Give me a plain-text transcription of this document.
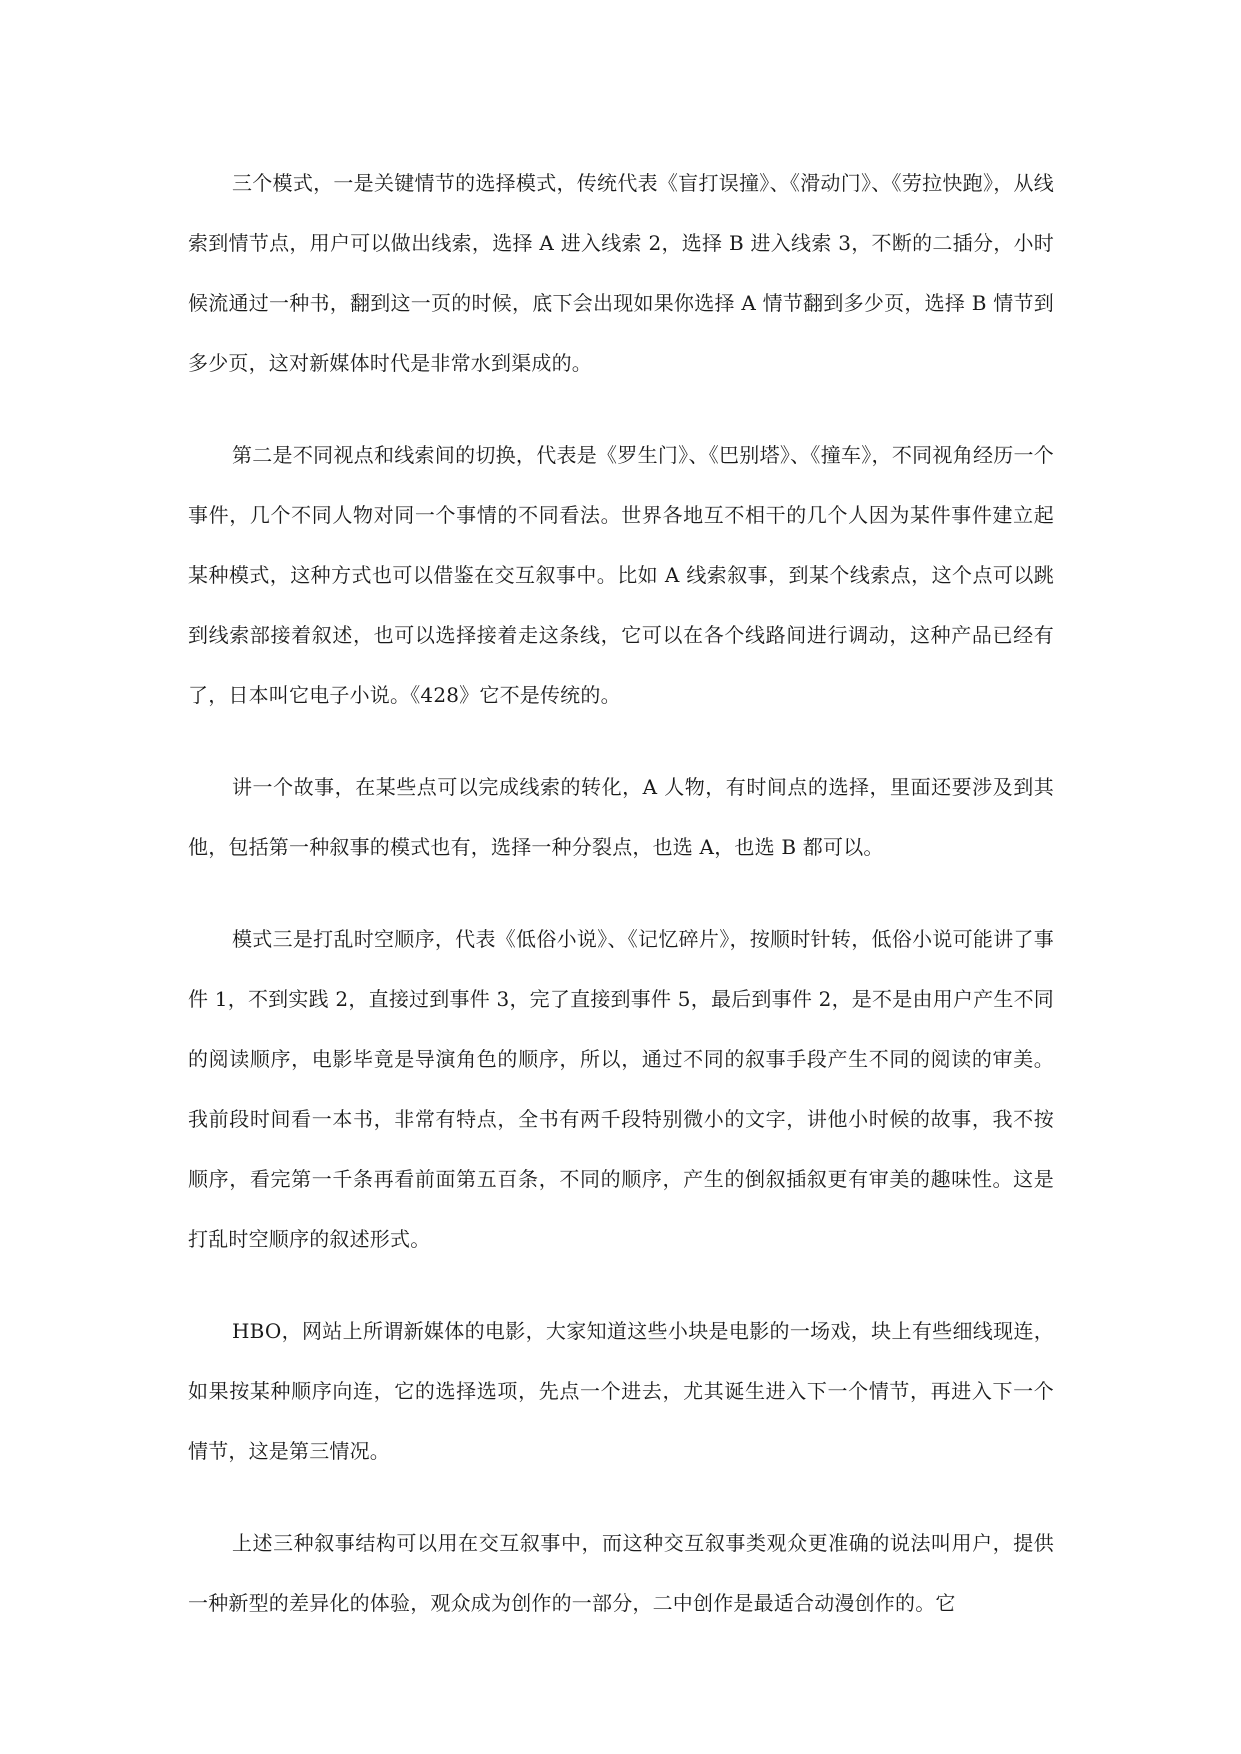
三个模式，一是关键情节的选择模式，传统代表《盲打误撞》、《滑动门》、《劳拉快跑》，从线索到情节点，用户可以做出线索，选择 A 进入线索 2，选择 B 进入线索 3，不断的二插分，小时候流通过一种书，翻到这一页的时候，底下会出现如果你选择 A 情节翻到多少页，选择 B 情节到多少页，这对新媒体时代是非常水到渠成的。

第二是不同视点和线索间的切换，代表是《罗生门》、《巴别塔》、《撞车》，不同视角经历一个事件，几个不同人物对同一个事情的不同看法。世界各地互不相干的几个人因为某件事件建立起某种模式，这种方式也可以借鉴在交互叙事中。比如 A 线索叙事，到某个线索点，这个点可以跳到线索部接着叙述，也可以选择接着走这条线，它可以在各个线路间进行调动，这种产品已经有了，日本叫它电子小说。《428》它不是传统的。

讲一个故事，在某些点可以完成线索的转化，A 人物，有时间点的选择，里面还要涉及到其他，包括第一种叙事的模式也有，选择一种分裂点，也选 A，也选 B 都可以。

模式三是打乱时空顺序，代表《低俗小说》、《记忆碎片》，按顺时针转，低俗小说可能讲了事件 1，不到实践 2，直接过到事件 3，完了直接到事件 5，最后到事件 2，是不是由用户产生不同的阅读顺序，电影毕竟是导演角色的顺序，所以，通过不同的叙事手段产生不同的阅读的审美。我前段时间看一本书，非常有特点，全书有两千段特别微小的文字，讲他小时候的故事，我不按顺序，看完第一千条再看前面第五百条，不同的顺序，产生的倒叙插叙更有审美的趣味性。这是打乱时空顺序的叙述形式。

HBO，网站上所谓新媒体的电影，大家知道这些小块是电影的一场戏，块上有些细线现连，如果按某种顺序向连，它的选择选项，先点一个进去，尤其诞生进入下一个情节，再进入下一个情节，这是第三情况。

上述三种叙事结构可以用在交互叙事中，而这种交互叙事类观众更准确的说法叫用户，提供一种新型的差异化的体验，观众成为创作的一部分，二中创作是最适合动漫创作的。它
